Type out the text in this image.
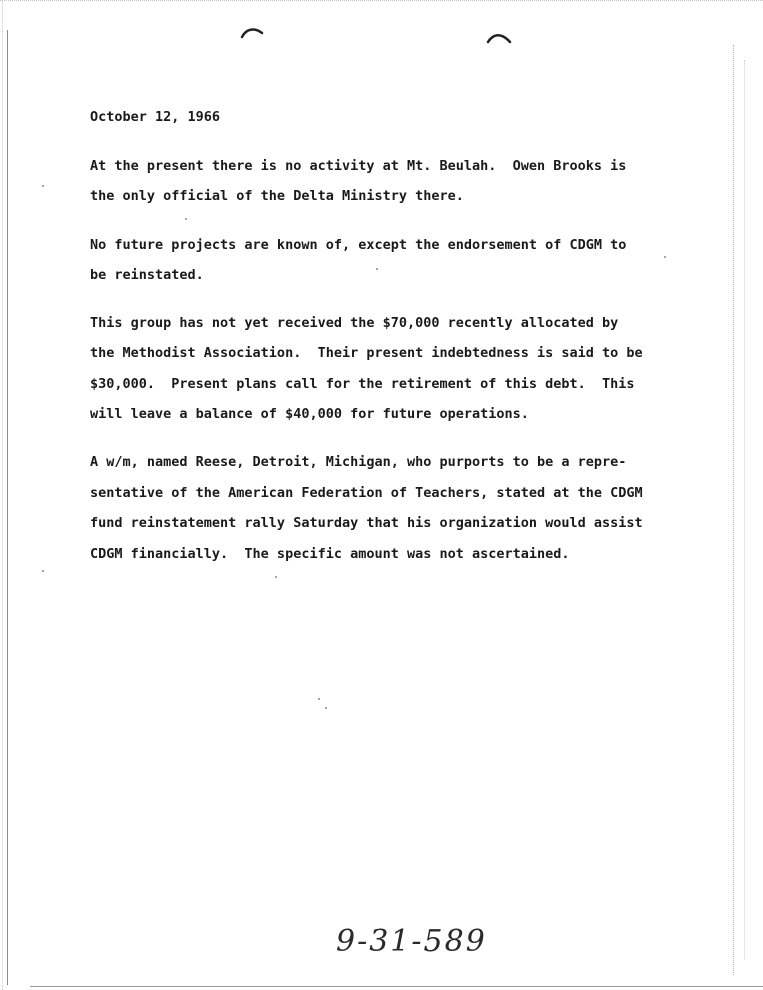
October 12, 1966

At the present there is no activity at Mt. Beulah.  Owen Brooks is

the only official of the Delta Ministry there.

No future projects are known of, except the endorsement of CDGM to

be reinstated.

This group has not yet received the $70,000 recently allocated by

the Methodist Association.  Their present indebtedness is said to be

$30,000.  Present plans call for the retirement of this debt.  This

will leave a balance of $40,000 for future operations.

A w/m, named Reese, Detroit, Michigan, who purports to be a repre-

sentative of the American Federation of Teachers, stated at the CDGM

fund reinstatement rally Saturday that his organization would assist

CDGM financially.  The specific amount was not ascertained.

9-31-589
